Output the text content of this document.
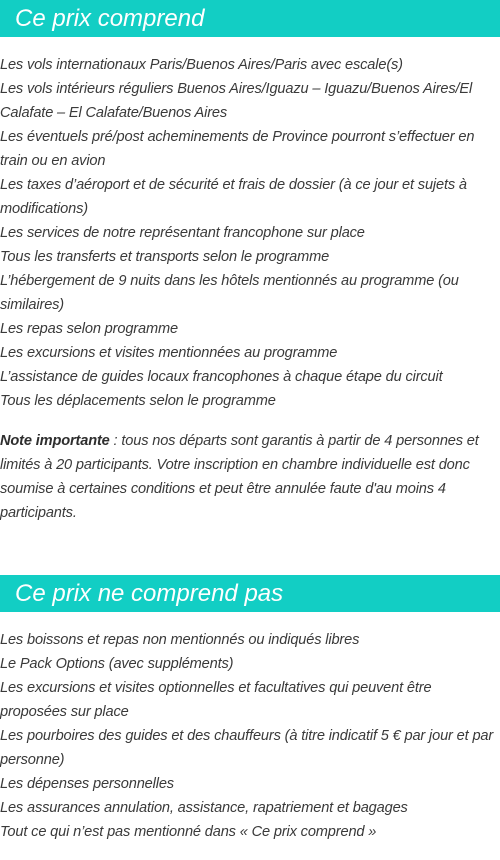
Ce prix comprend
Les vols internationaux Paris/Buenos Aires/Paris avec escale(s)
Les vols intérieurs réguliers Buenos Aires/Iguazu – Iguazu/Buenos Aires/El Calafate – El Calafate/Buenos Aires
Les éventuels pré/post acheminements de Province pourront s’effectuer en train ou en avion
Les taxes d’aéroport et de sécurité et frais de dossier (à ce jour et sujets à modifications)
Les services de notre représentant francophone sur place
Tous les transferts et transports selon le programme
L’hébergement de 9 nuits dans les hôtels mentionnés au programme (ou similaires)
Les repas selon programme
Les excursions et visites mentionnées au programme
L’assistance de guides locaux francophones à chaque étape du circuit
Tous les déplacements selon le programme

Note importante : tous nos départs sont garantis à partir de 4 personnes et limités à 20 participants. Votre inscription en chambre individuelle est donc soumise à certaines conditions et peut être annulée faute d'au moins 4 participants.

Ce prix ne comprend pas
Les boissons et repas non mentionnés ou indiqués libres
Le Pack Options (avec suppléments)
Les excursions et visites optionnelles et facultatives qui peuvent être proposées sur place
Les pourboires des guides et des chauffeurs (à titre indicatif 5 € par jour et par personne)
Les dépenses personnelles
Les assurances annulation, assistance, rapatriement et bagages
Tout ce qui n’est pas mentionné dans « Ce prix comprend »
